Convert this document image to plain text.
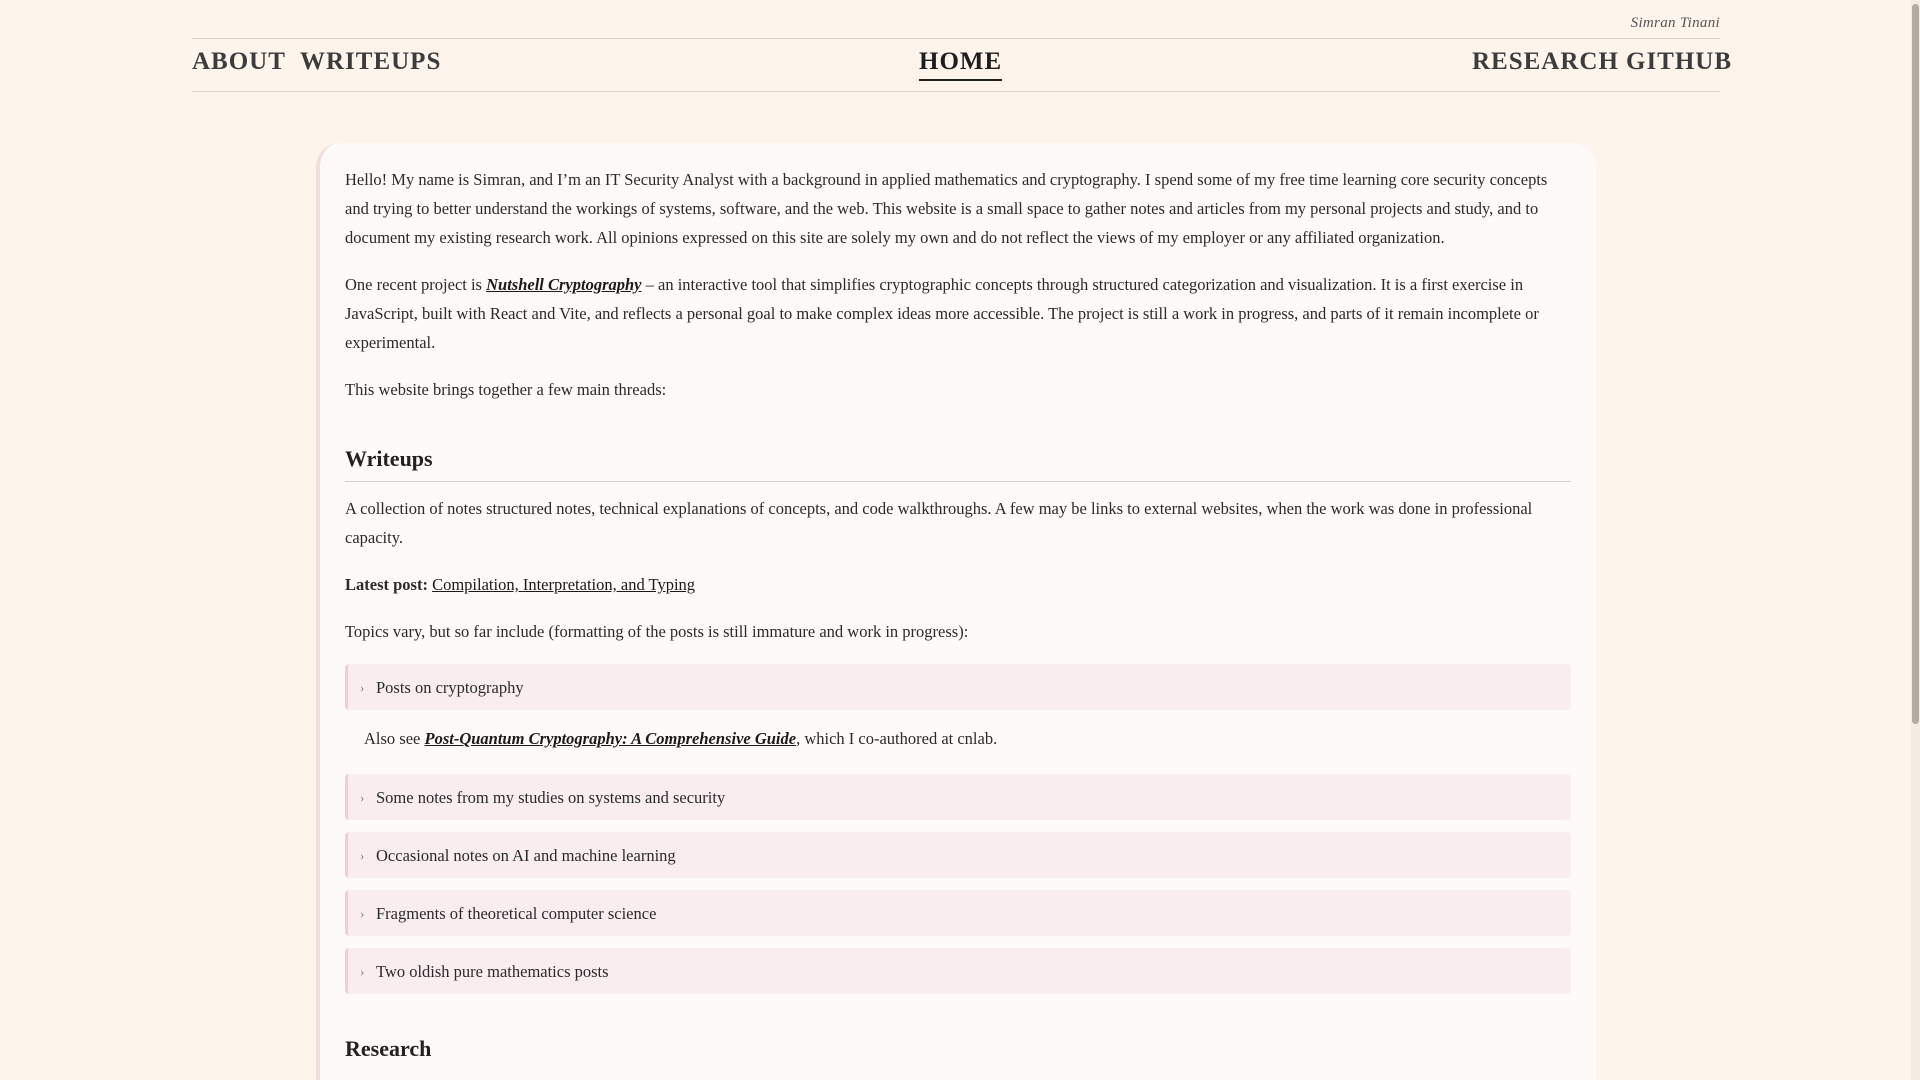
Simran Tinani
ABOUT WRITEUPS	HOME	RESEARCH GITHUB

Hello! My name is Simran, and I’m an IT Security Analyst with a background in applied mathematics and cryptography. I spend some of my free time learning core security concepts and trying to better understand the workings of systems, software, and the web. This website is a small space to gather notes and articles from my personal projects and study, and to document my existing research work. All opinions expressed on this site are solely my own and do not reflect the views of my employer or any affiliated organization.

One recent project is Nutshell Cryptography – an interactive tool that simplifies cryptographic concepts through structured categorization and visualization. It is a first exercise in JavaScript, built with React and Vite, and reflects a personal goal to make complex ideas more accessible. The project is still a work in progress, and parts of it remain incomplete or experimental.

This website brings together a few main threads:

Writeups

A collection of notes structured notes, technical explanations of concepts, and code walkthroughs. A few may be links to external websites, when the work was done in professional capacity.

Latest post: Compilation, Interpretation, and Typing

Topics vary, but so far include (formatting of the posts is still immature and work in progress):

› Posts on cryptography
Also see Post-Quantum Cryptography: A Comprehensive Guide, which I co-authored at cnlab.
› Some notes from my studies on systems and security
› Occasional notes on AI and machine learning
› Fragments of theoretical computer science
› Two oldish pure mathematics posts
Research
